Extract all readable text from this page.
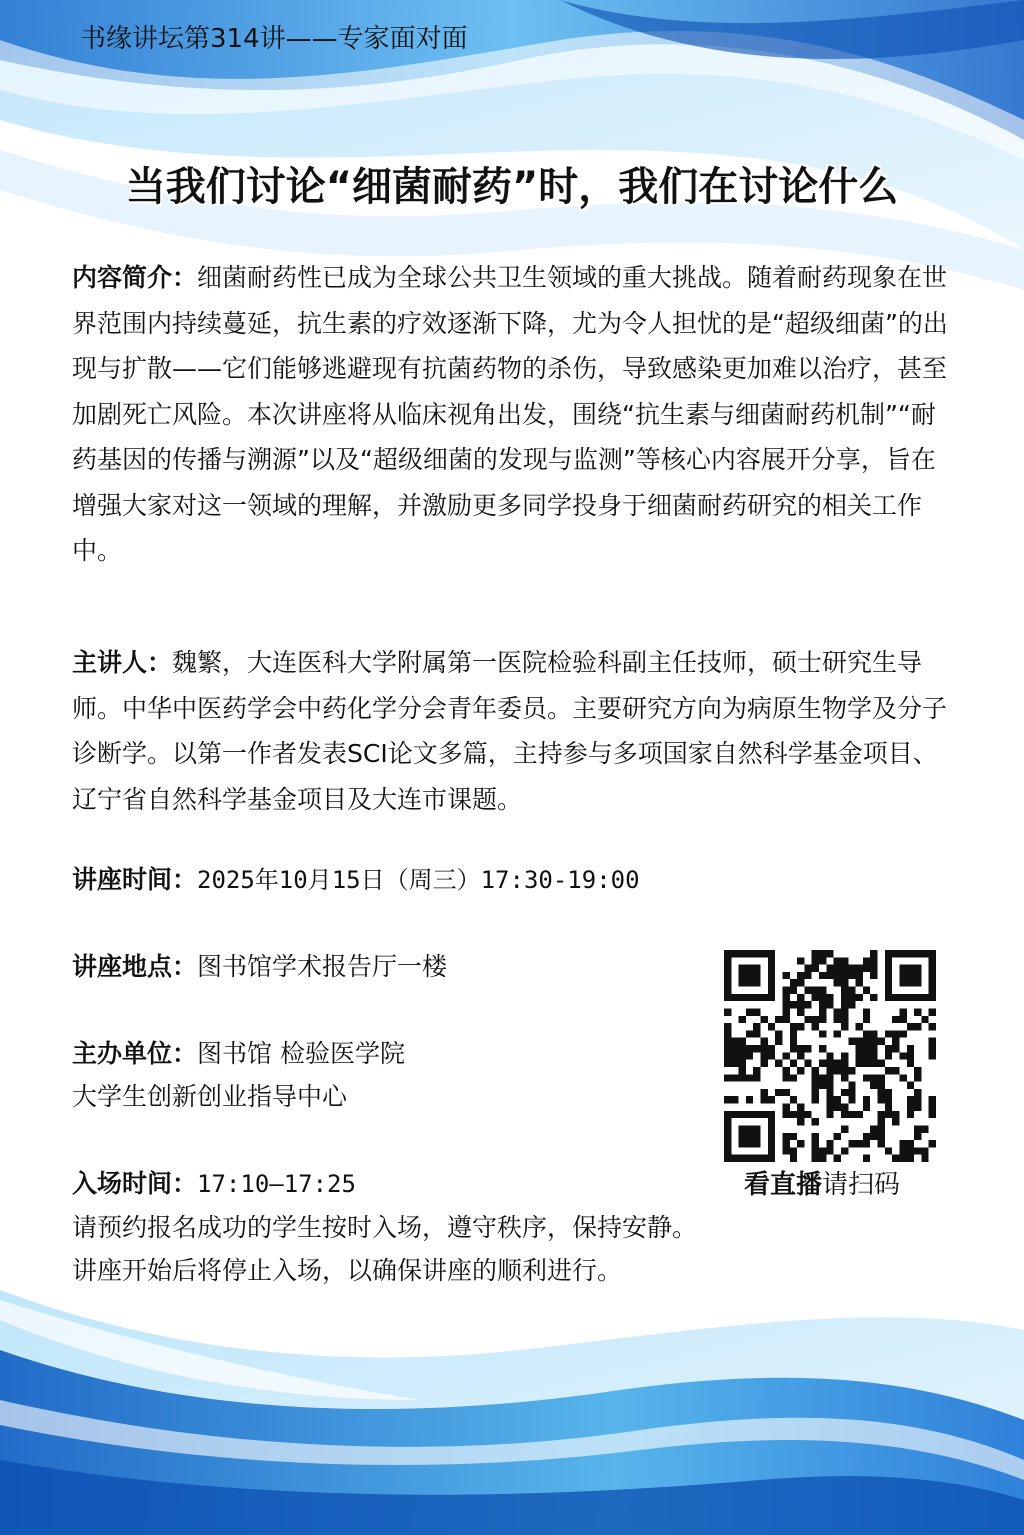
书缘讲坛第314讲——专家面对面
当我们讨论“细菌耐药”时，我们在讨论什么
内容简介：细菌耐药性已成为全球公共卫生领域的重大挑战。随着耐药现象在世界范围内持续蔓延，抗生素的疗效逐渐下降，尤为令人担忧的是“超级细菌”的出现与扩散——它们能够逃避现有抗菌药物的杀伤，导致感染更加难以治疗，甚至加剧死亡风险。本次讲座将从临床视角出发，围绕“抗生素与细菌耐药机制”“耐药基因的传播与溯源”以及“超级细菌的发现与监测”等核心内容展开分享，旨在增强大家对这一领域的理解，并激励更多同学投身于细菌耐药研究的相关工作中。
主讲人：魏繁，大连医科大学附属第一医院检验科副主任技师，硕士研究生导师。中华中医药学会中药化学分会青年委员。主要研究方向为病原生物学及分子诊断学。以第一作者发表SCI论文多篇，主持参与多项国家自然科学基金项目、辽宁省自然科学基金项目及大连市课题。
讲座时间：2025年10月15日（周三）17:30-19:00
讲座地点：图书馆学术报告厅一楼
主办单位：图书馆 检验医学院
大学生创新创业指导中心
入场时间：17:10—17:25
请预约报名成功的学生按时入场，遵守秩序，保持安静。讲座开始后将停止入场，以确保讲座的顺利进行。
看直播请扫码
